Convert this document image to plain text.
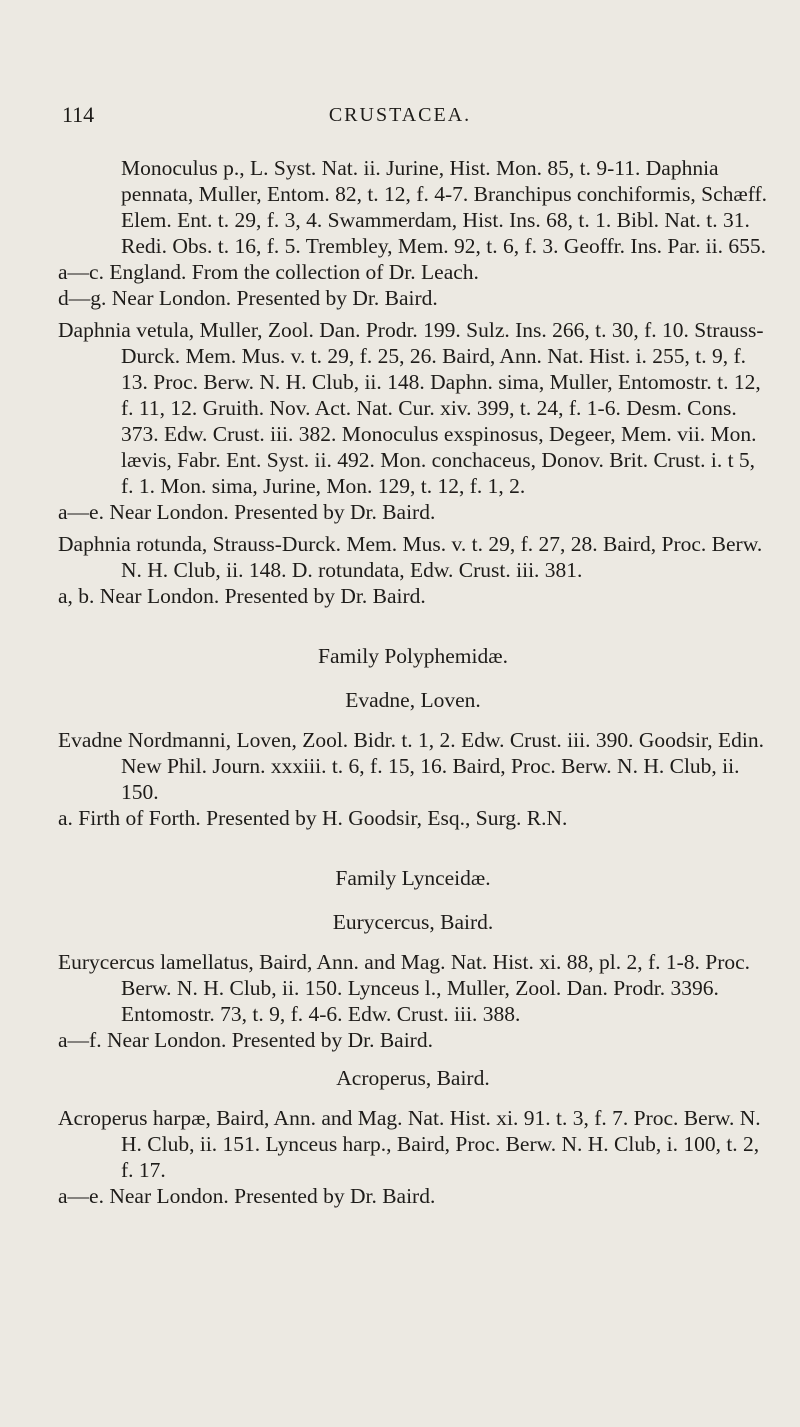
114	CRUSTACEA.

Monoculus p., L. Syst. Nat. ii. Jurine, Hist. Mon. 85, t. 9-11. Daphnia pennata, Muller, Entom. 82, t. 12, f. 4-7. Branchipus conchiformis, Schæff. Elem. Ent. t. 29, f. 3, 4. Swammerdam, Hist. Ins. 68, t. 1. Bibl. Nat. t. 31. Redi. Obs. t. 16, f. 5. Trembley, Mem. 92, t. 6, f. 3. Geoffr. Ins. Par. ii. 655.

a—c. England. From the collection of Dr. Leach.

d—g. Near London. Presented by Dr. Baird.

Daphnia vetula, Muller, Zool. Dan. Prodr. 199. Sulz. Ins. 266, t. 30, f. 10. Strauss-Durck. Mem. Mus. v. t. 29, f. 25, 26. Baird, Ann. Nat. Hist. i. 255, t. 9, f. 13. Proc. Berw. N. H. Club, ii. 148. Daphn. sima, Muller, Entomostr. t. 12, f. 11, 12. Gruith. Nov. Act. Nat. Cur. xiv. 399, t. 24, f. 1-6. Desm. Cons. 373. Edw. Crust. iii. 382. Monoculus exspinosus, Degeer, Mem. vii. Mon. lævis, Fabr. Ent. Syst. ii. 492. Mon. conchaceus, Donov. Brit. Crust. i. t 5, f. 1. Mon. sima, Jurine, Mon. 129, t. 12, f. 1, 2.

a—e. Near London. Presented by Dr. Baird.

Daphnia rotunda, Strauss-Durck. Mem. Mus. v. t. 29, f. 27, 28. Baird, Proc. Berw. N. H. Club, ii. 148. D. rotundata, Edw. Crust. iii. 381.

a, b. Near London. Presented by Dr. Baird.

Family Polyphemidæ.
Evadne, Loven.

Evadne Nordmanni, Loven, Zool. Bidr. t. 1, 2. Edw. Crust. iii. 390. Goodsir, Edin. New Phil. Journ. xxxiii. t. 6, f. 15, 16. Baird, Proc. Berw. N. H. Club, ii. 150.

a. Firth of Forth. Presented by H. Goodsir, Esq., Surg. R.N.

Family Lynceidæ.
Eurycercus, Baird.

Eurycercus lamellatus, Baird, Ann. and Mag. Nat. Hist. xi. 88, pl. 2, f. 1-8. Proc. Berw. N. H. Club, ii. 150. Lynceus l., Muller, Zool. Dan. Prodr. 3396. Entomostr. 73, t. 9, f. 4-6. Edw. Crust. iii. 388.

a—f. Near London. Presented by Dr. Baird.

Acroperus, Baird.

Acroperus harpæ, Baird, Ann. and Mag. Nat. Hist. xi. 91. t. 3, f. 7. Proc. Berw. N. H. Club, ii. 151. Lynceus harp., Baird, Proc. Berw. N. H. Club, i. 100, t. 2, f. 17.

a—e. Near London. Presented by Dr. Baird.
